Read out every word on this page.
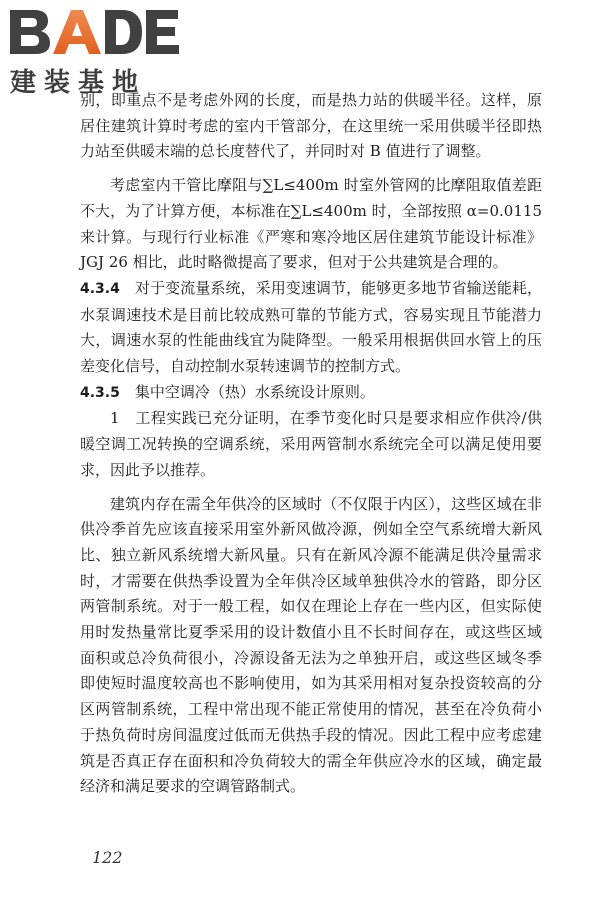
建装基地

别，即重点不是考虑外网的长度，而是热力站的供暖半径。这样，原居住建筑计算时考虑的室内干管部分，在这里统一采用供暖半径即热力站至供暖末端的总长度替代了，并同时对 B 值进行了调整。

考虑室内干管比摩阻与∑L≤400m 时室外管网的比摩阻取值差距不大，为了计算方便，本标准在∑L≤400m 时，全部按照 α=0.0115 来计算。与现行行业标准《严寒和寒冷地区居住建筑节能设计标准》JGJ 26 相比，此时略微提高了要求，但对于公共建筑是合理的。

4.3.4　 对于变流量系统，采用变速调节，能够更多地节省输送能耗，水泵调速技术是目前比较成熟可靠的节能方式，容易实现且节能潜力大，调速水泵的性能曲线宜为陡降型。一般采用根据供回水管上的压差变化信号，自动控制水泵转速调节的控制方式。

4.3.5　 集中空调冷（热）水系统设计原则。

1　工程实践已充分证明，在季节变化时只是要求相应作供冷/供暖空调工况转换的空调系统，采用两管制水系统完全可以满足使用要求，因此予以推荐。

建筑内存在需全年供冷的区域时（不仅限于内区），这些区域在非供冷季首先应该直接采用室外新风做冷源，例如全空气系统增大新风比、独立新风系统增大新风量。只有在新风冷源不能满足供冷量需求时，才需要在供热季设置为全年供冷区域单独供冷水的管路，即分区两管制系统。对于一般工程，如仅在理论上存在一些内区，但实际使用时发热量常比夏季采用的设计数值小且不长时间存在，或这些区域面积或总冷负荷很小，冷源设备无法为之单独开启，或这些区域冬季即使短时温度较高也不影响使用，如为其采用相对复杂投资较高的分区两管制系统，工程中常出现不能正常使用的情况，甚至在冷负荷小于热负荷时房间温度过低而无供热手段的情况。因此工程中应考虑建筑是否真正存在面积和冷负荷较大的需全年供应冷水的区域，确定最经济和满足要求的空调管路制式。

122
